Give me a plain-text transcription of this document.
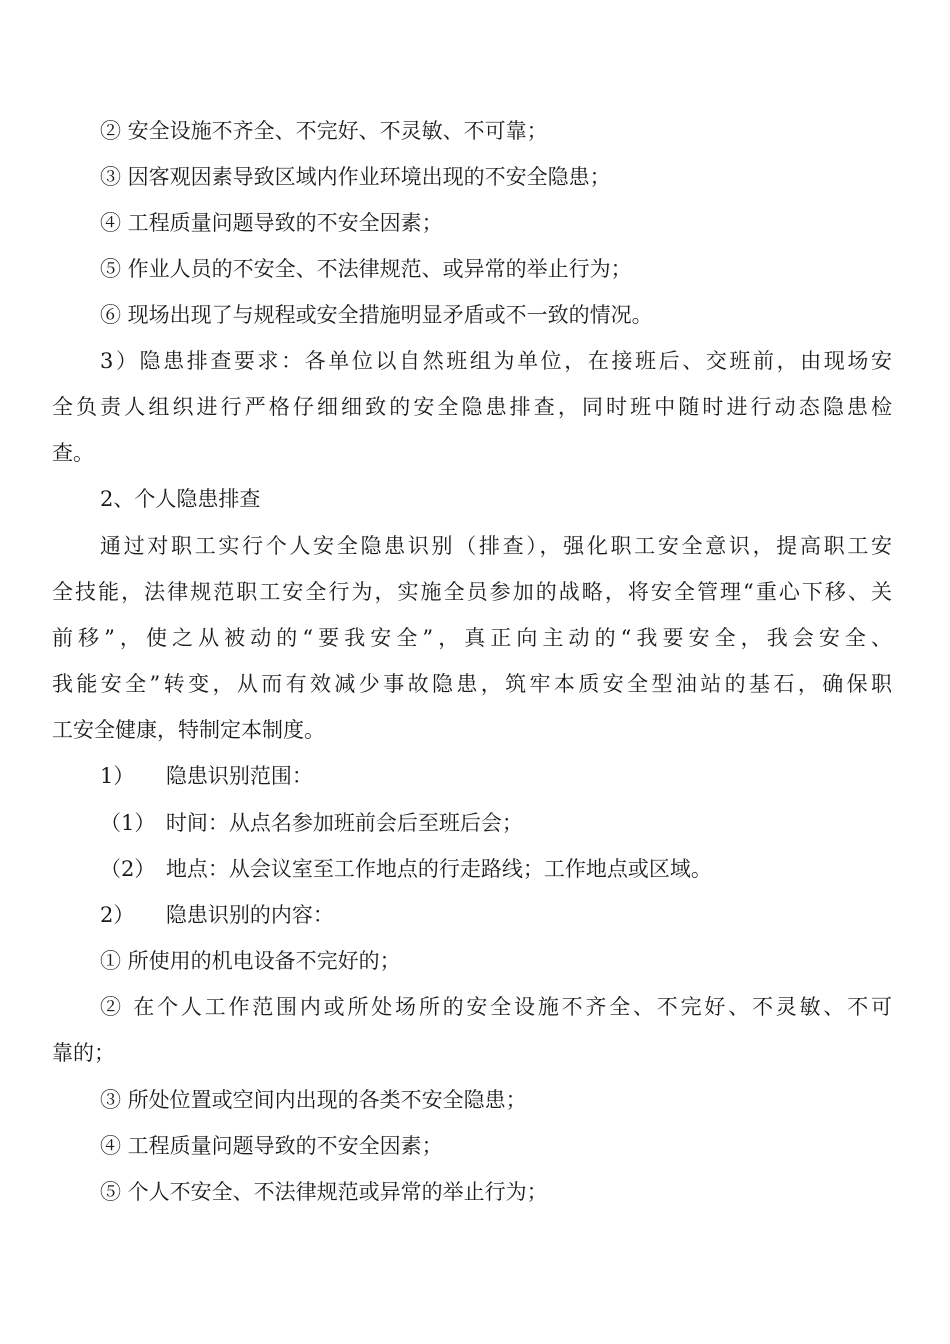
② 安全设施不齐全、不完好、不灵敏、不可靠；
③ 因客观因素导致区域内作业环境出现的不安全隐患；
④ 工程质量问题导致的不安全因素；
⑤ 作业人员的不安全、不法律规范、或异常的举止行为；
⑥ 现场出现了与规程或安全措施明显矛盾或不一致的情况。
3）隐患排查要求：各单位以自然班组为单位，在接班后、交班前，由现场安
全负责人组织进行严格仔细细致的安全隐患排查，同时班中随时进行动态隐患检
查。
2、个人隐患排查
通过对职工实行个人安全隐患识别（排查），强化职工安全意识，提高职工安
全技能，法律规范职工安全行为，实施全员参加的战略，将安全管理“重心下移、关
前移”，使之从被动的“要我安全”，真正向主动的“我要安全，我会安全、
我能安全”转变，从而有效减少事故隐患，筑牢本质安全型油站的基石，确保职
工安全健康，特制定本制度。
1）　　隐患识别范围：
（1）　时间：从点名参加班前会后至班后会；
（2）　地点：从会议室至工作地点的行走路线；工作地点或区域。
2）　　隐患识别的内容：
① 所使用的机电设备不完好的；
② 在个人工作范围内或所处场所的安全设施不齐全、不完好、不灵敏、不可
靠的；
③ 所处位置或空间内出现的各类不安全隐患；
④ 工程质量问题导致的不安全因素；
⑤ 个人不安全、不法律规范或异常的举止行为；
